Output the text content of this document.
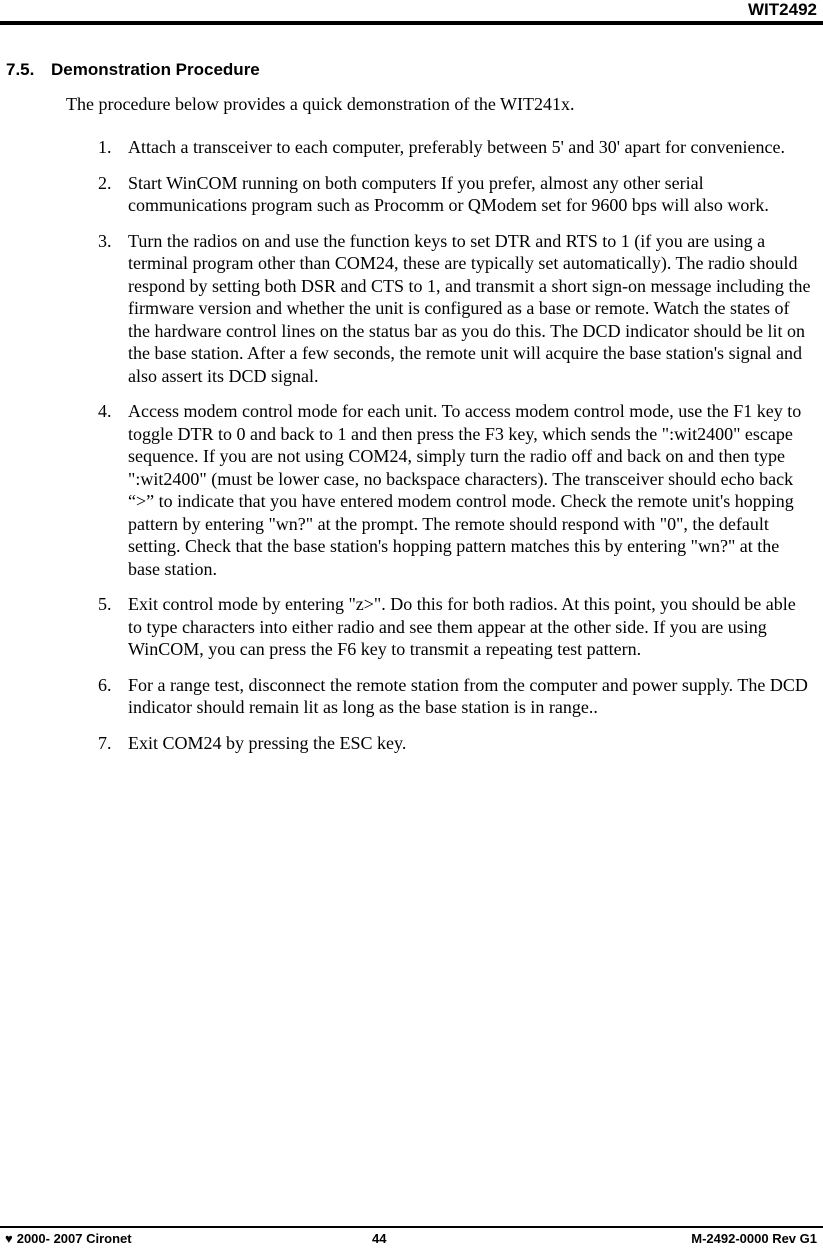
WIT2492
7.5. Demonstration Procedure

The procedure below provides a quick demonstration of the WIT241x.

1. Attach a transceiver to each computer, preferably between 5' and 30' apart for convenience.
2. Start WinCOM running on both computers If you prefer, almost any other serial communications program such as Procomm or QModem set for 9600 bps will also work.
3. Turn the radios on and use the function keys to set DTR and RTS to 1 (if you are using a terminal program other than COM24, these are typically set automatically). The radio should respond by setting both DSR and CTS to 1, and transmit a short sign-on message including the firmware version and whether the unit is configured as a base or remote. Watch the states of the hardware control lines on the status bar as you do this. The DCD indicator should be lit on the base station. After a few seconds, the remote unit will acquire the base station's signal and also assert its DCD signal.
4. Access modem control mode for each unit. To access modem control mode, use the F1 key to toggle DTR to 0 and back to 1 and then press the F3 key, which sends the ":wit2400" escape sequence. If you are not using COM24, simply turn the radio off and back on and then type ":wit2400" (must be lower case, no backspace characters). The transceiver should echo back “>” to indicate that you have entered modem control mode. Check the remote unit's hopping pattern by entering "wn?" at the prompt. The remote should respond with "0", the default setting. Check that the base station's hopping pattern matches this by entering "wn?" at the base station.
5. Exit control mode by entering "z>". Do this for both radios. At this point, you should be able to type characters into either radio and see them appear at the other side. If you are using WinCOM, you can press the F6 key to transmit a repeating test pattern.
6. For a range test, disconnect the remote station from the computer and power supply. The DCD indicator should remain lit as long as the base station is in range..
7. Exit COM24 by pressing the ESC key.
♥ 2000- 2007 Cironet	44	M-2492-0000 Rev G1
